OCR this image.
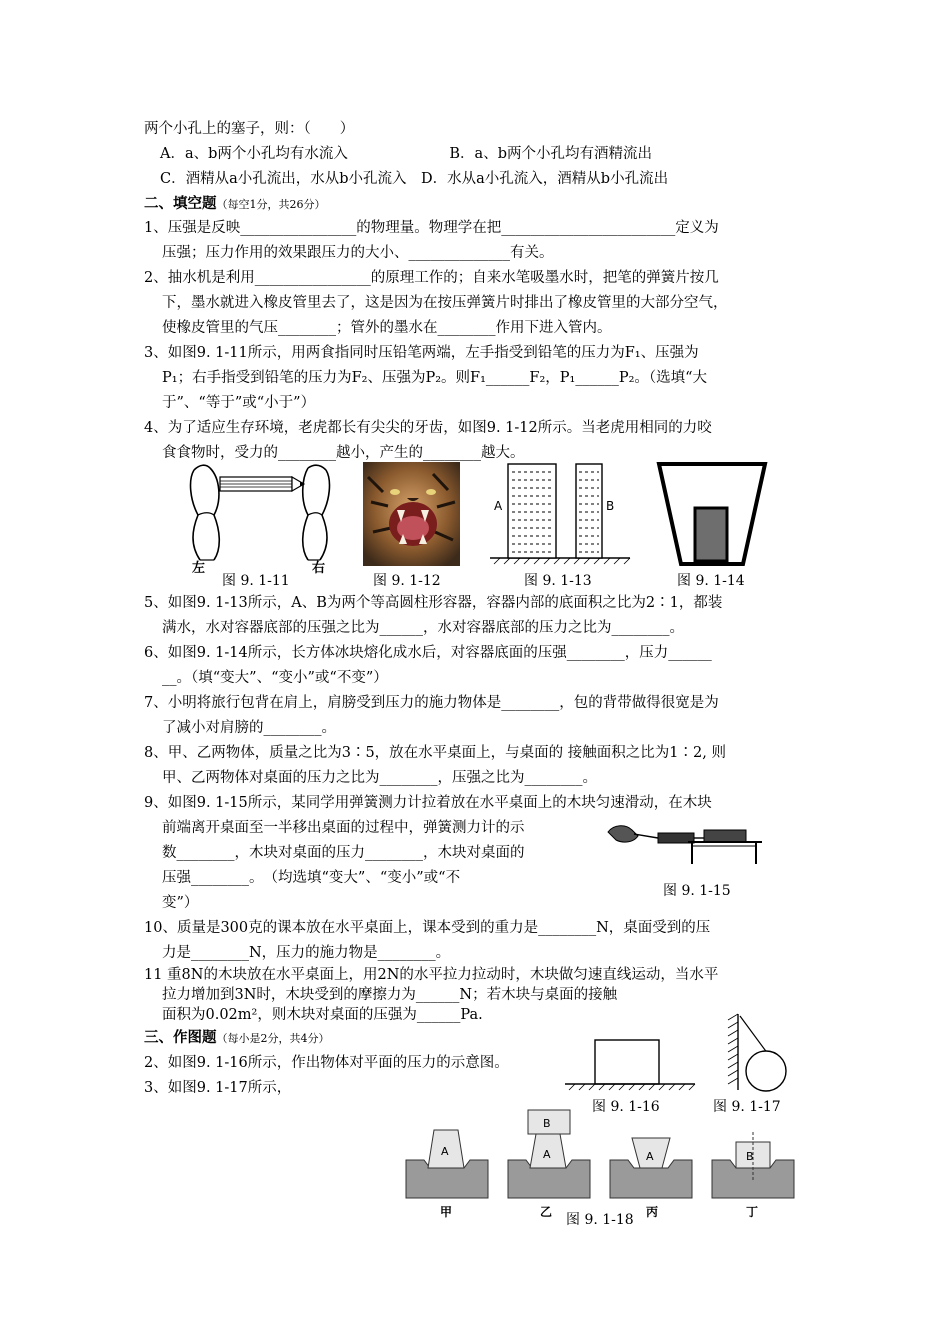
两个小孔上的塞子，则：（　　）
A．a、b两个小孔均有水流入　　　　　　　B．a、b两个小孔均有酒精流出
C．酒精从a小孔流出，水从b小孔流入　D．水从a小孔流入，酒精从b小孔流出
二、填空题（每空1分，共26分）
1、压强是反映________________的物理量。物理学在把________________________定义为
压强；压力作用的效果跟压力的大小、______________有关。
2、抽水机是利用________________的原理工作的；自来水笔吸墨水时，把笔的弹簧片按几
下，墨水就进入橡皮管里去了，这是因为在按压弹簧片时排出了橡皮管里的大部分空气，
使橡皮管里的气压________；管外的墨水在________作用下进入管内。
3、如图9. 1-11所示，用两食指同时压铅笔两端，左手指受到铅笔的压力为F₁、压强为
P₁；右手指受到铅笔的压力为F₂、压强为P₂。则F₁______F₂，P₁______P₂。（选填“大
于”、“等于”或“小于”）
4、为了适应生存环境，老虎都长有尖尖的牙齿，如图9. 1-12所示。当老虎用相同的力咬
食食物时，受力的________越小，产生的________越大。
左	右
图 9. 1-11	图 9. 1-12
A	B
图 9. 1-13	图 9. 1-14
5、如图9. 1-13所示，A、B为两个等高圆柱形容器，容器内部的底面积之比为2∶1，都装
满水，水对容器底部的压强之比为______，水对容器底部的压力之比为________。
6、如图9. 1-14所示，长方体冰块熔化成水后，对容器底面的压强________，压力______
__。（填“变大”、“变小”或“不变”）
7、小明将旅行包背在肩上，肩膀受到压力的施力物体是________，包的背带做得很宽是为
了减小对肩膀的________。
8、甲、乙两物体，质量之比为3∶5，放在水平桌面上，与桌面的 接触面积之比为1∶2, 则
甲、乙两物体对桌面的压力之比为________，压强之比为________。
9、如图9. 1-15所示，某同学用弹簧测力计拉着放在水平桌面上的木块匀速滑动，在木块
前端离开桌面至一半移出桌面的过程中，弹簧测力计的示
数________，木块对桌面的压力________，木块对桌面的
压强________。　（均选填“变大”、“变小”或“不
变”）
图 9. 1-15
10、质量是300克的课本放在水平桌面上，课本受到的重力是________N，桌面受到的压
力是________N，压力的施力物是________。
11 重8N的木块放在水平桌面上，用2N的水平拉力拉动时，木块做匀速直线运动，当水平
拉力增加到3N时，木块受到的摩擦力为______N；若木块与桌面的接触
面积为0.02m²，则木块对桌面的压强为______Pa.
三、作图题（每小是2分，共4分）
2、如图9. 1-16所示，作出物体对平面的压力的示意图。
3、如图9. 1-17所示，
图 9. 1-16	图 9. 1-17
A
B
A	A	B
甲	乙	丙	丁
图 9. 1-18
